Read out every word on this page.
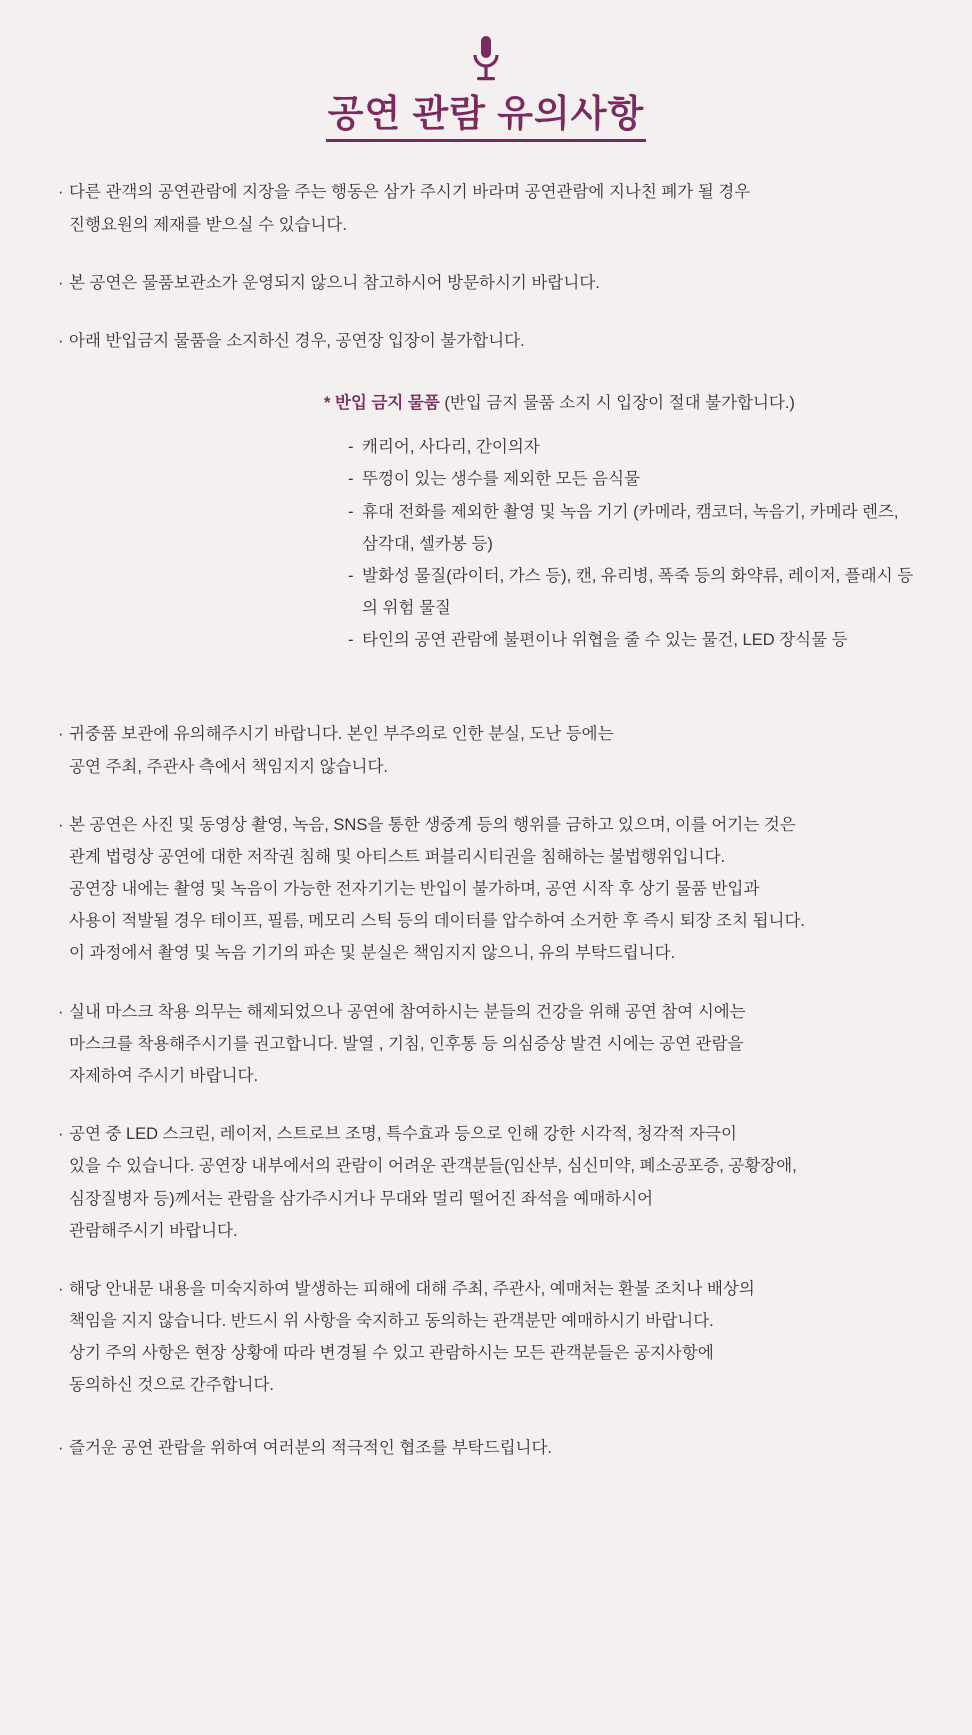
공연 관람 유의사항

· 다른 관객의 공연관람에 지장을 주는 행동은 삼가 주시기 바라며 공연관람에 지나친 폐가 될 경우

진행요원의 제재를 받으실 수 있습니다.

· 본 공연은 물품보관소가 운영되지 않으니 참고하시어 방문하시기 바랍니다.

· 아래 반입금지 물품을 소지하신 경우, 공연장 입장이 불가합니다.

* 반입 금지 물품 (반입 금지 물품 소지 시 입장이 절대 불가합니다.)

- 캐리어, 사다리, 간이의자
- 뚜껑이 있는 생수를 제외한 모든 음식물
- 휴대 전화를 제외한 촬영 및 녹음 기기 (카메라, 캠코더, 녹음기, 카메라 렌즈, 삼각대, 셀카봉 등)
- 발화성 물질(라이터, 가스 등), 캔, 유리병, 폭죽 등의 화약류, 레이저, 플래시 등의 위험 물질
- 타인의 공연 관람에 불편이나 위협을 줄 수 있는 물건, LED 장식물 등

· 귀중품 보관에 유의해주시기 바랍니다. 본인 부주의로 인한 분실, 도난 등에는

공연 주최, 주관사 측에서 책임지지 않습니다.

· 본 공연은 사진 및 동영상 촬영, 녹음, SNS을 통한 생중계 등의 행위를 금하고 있으며, 이를 어기는 것은

관계 법령상 공연에 대한 저작권 침해 및 아티스트 퍼블리시티권을 침해하는 불법행위입니다.

공연장 내에는 촬영 및 녹음이 가능한 전자기기는 반입이 불가하며, 공연 시작 후 상기 물품 반입과

사용이 적발될 경우 테이프, 필름, 메모리 스틱 등의 데이터를 압수하여 소거한 후 즉시 퇴장 조치 됩니다.

이 과정에서 촬영 및 녹음 기기의 파손 및 분실은 책임지지 않으니, 유의 부탁드립니다.

· 실내 마스크 착용 의무는 해제되었으나 공연에 참여하시는 분들의 건강을 위해 공연 참여 시에는

마스크를 착용해주시기를 권고합니다. 발열 , 기침, 인후통 등 의심증상 발견 시에는 공연 관람을

자제하여 주시기 바랍니다.

· 공연 중 LED 스크린, 레이저, 스트로브 조명, 특수효과 등으로 인해 강한 시각적, 청각적 자극이

있을 수 있습니다. 공연장 내부에서의 관람이 어려운 관객분들(임산부, 심신미약, 폐소공포증, 공황장애,

심장질병자 등)께서는 관람을 삼가주시거나 무대와 멀리 떨어진 좌석을 예매하시어

관람해주시기 바랍니다.

· 해당 안내문 내용을 미숙지하여 발생하는 피해에 대해 주최, 주관사, 예매처는 환불 조치나 배상의

책임을 지지 않습니다. 반드시 위 사항을 숙지하고 동의하는 관객분만 예매하시기 바랍니다.

상기 주의 사항은 현장 상황에 따라 변경될 수 있고 관람하시는 모든 관객분들은 공지사항에

동의하신 것으로 간주합니다.

· 즐거운 공연 관람을 위하여 여러분의 적극적인 협조를 부탁드립니다.
